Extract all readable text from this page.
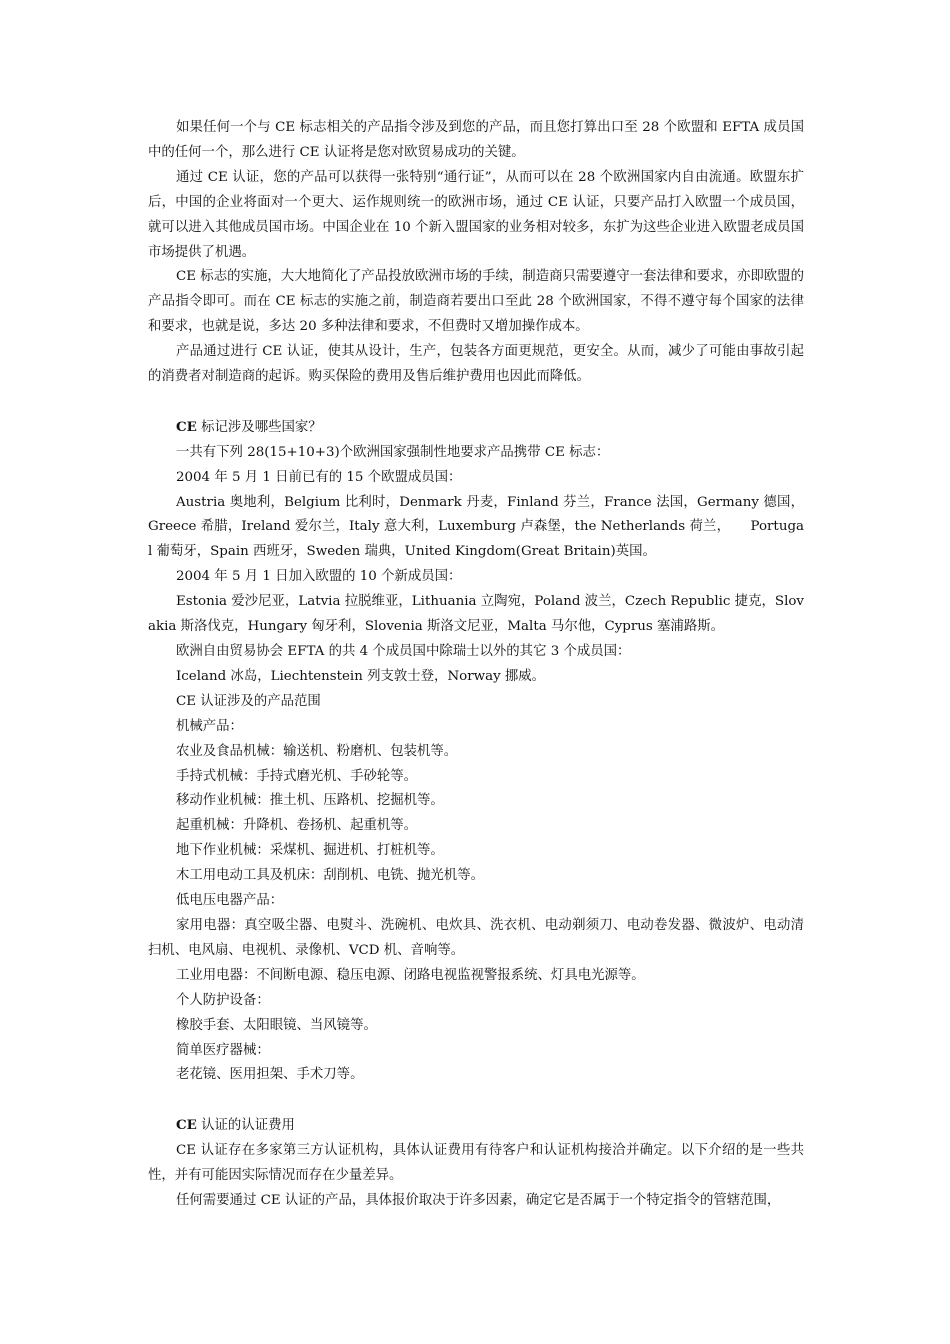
如果任何一个与 CE 标志相关的产品指令涉及到您的产品，而且您打算出口至 28 个欧盟和 EFTA 成员国中的任何一个，那么进行 CE 认证将是您对欧贸易成功的关键。

通过 CE 认证，您的产品可以获得一张特别“通行证”，从而可以在 28 个欧洲国家内自由流通。欧盟东扩后，中国的企业将面对一个更大、运作规则统一的欧洲市场，通过 CE 认证，只要产品打入欧盟一个成员国，就可以进入其他成员国市场。中国企业在 10 个新入盟国家的业务相对较多，东扩为这些企业进入欧盟老成员国市场提供了机遇。

CE 标志的实施，大大地简化了产品投放欧洲市场的手续，制造商只需要遵守一套法律和要求，亦即欧盟的产品指令即可。而在 CE 标志的实施之前，制造商若要出口至此 28 个欧洲国家，不得不遵守每个国家的法律和要求，也就是说，多达 20 多种法律和要求，不但费时又增加操作成本。

产品通过进行 CE 认证，使其从设计，生产，包装各方面更规范，更安全。从而，减少了可能由事故引起的消费者对制造商的起诉。购买保险的费用及售后维护费用也因此而降低。

CE 标记涉及哪些国家？

一共有下列 28(15+10+3)个欧洲国家强制性地要求产品携带 CE 标志：

2004 年 5 月 1 日前已有的 15 个欧盟成员国：

Austria 奥地利，Belgium 比利时，Denmark 丹麦，Finland 芬兰，France 法国，Germany 德国，Greece 希腊，Ireland 爱尔兰，Italy 意大利，Luxemburg 卢森堡，the Netherlands 荷兰，　　Portugal 葡萄牙，Spain 西班牙，Sweden 瑞典，United Kingdom(Great Britain)英国。

2004 年 5 月 1 日加入欧盟的 10 个新成员国：

Estonia 爱沙尼亚，Latvia 拉脱维亚，Lithuania 立陶宛，Poland 波兰，Czech Republic 捷克，Slovakia 斯洛伐克，Hungary 匈牙利，Slovenia 斯洛文尼亚，Malta 马尔他，Cyprus 塞浦路斯。

欧洲自由贸易协会 EFTA 的共 4 个成员国中除瑞士以外的其它 3 个成员国：

Iceland 冰岛，Liechtenstein 列支敦士登，Norway 挪威。

CE 认证涉及的产品范围

机械产品：

农业及食品机械：输送机、粉磨机、包装机等。

手持式机械：手持式磨光机、手砂轮等。

移动作业机械：推土机、压路机、挖掘机等。

起重机械：升降机、卷扬机、起重机等。

地下作业机械：采煤机、掘进机、打桩机等。

木工用电动工具及机床：刮削机、电铣、抛光机等。

低电压电器产品：

家用电器：真空吸尘器、电熨斗、洗碗机、电炊具、洗衣机、电动剃须刀、电动卷发器、微波炉、电动清扫机、电风扇、电视机、录像机、VCD 机、音响等。

工业用电器：不间断电源、稳压电源、闭路电视监视警报系统、灯具电光源等。

个人防护设备：

橡胶手套、太阳眼镜、当风镜等。

简单医疗器械：

老花镜、医用担架、手术刀等。

CE 认证的认证费用

CE 认证存在多家第三方认证机构，具体认证费用有待客户和认证机构接洽并确定。以下介绍的是一些共性，并有可能因实际情况而存在少量差异。

任何需要通过 CE 认证的产品，具体报价取决于许多因素，确定它是否属于一个特定指令的管辖范围，
